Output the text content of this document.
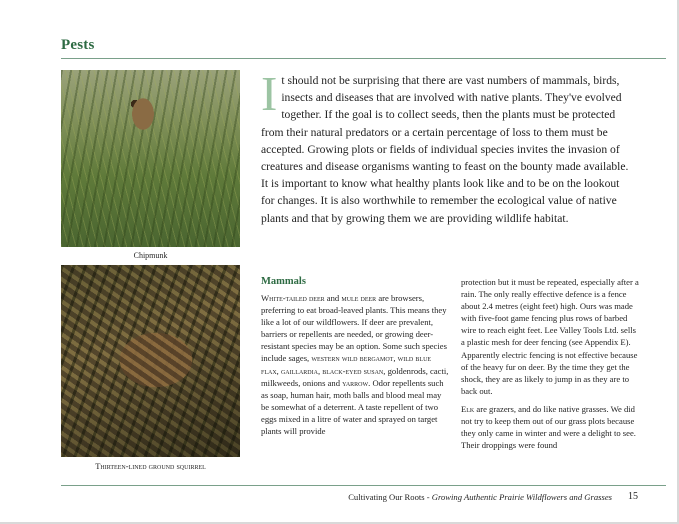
Pests
Chipmunk
Thirteen-lined ground squirrel

It should not be surprising that there are vast numbers of mammals, birds, insects and diseases that are involved with native plants. They've evolved together. If the goal is to collect seeds, then the plants must be protected from their natural predators or a certain percentage of loss to them must be accepted. Growing plots or fields of individual species invites the invasion of creatures and disease organisms wanting to feast on the bounty made available. It is important to know what healthy plants look like and to be on the lookout for changes. It is also worthwhile to remember the ecological value of native plants and that by growing them we are providing wildlife habitat.

Mammals

White-tailed deer and mule deer are browsers, preferring to eat broad-leaved plants. This means they like a lot of our wildflowers. If deer are prevalent, barriers or repellents are needed, or growing deer-resistant species may be an option. Some such species include sages, western wild bergamot, wild blue flax, gaillardia, black-eyed susan, goldenrods, cacti, milkweeds, onions and yarrow. Odor repellents such as soap, human hair, moth balls and blood meal may be somewhat of a deterrent. A taste repellent of two eggs mixed in a litre of water and sprayed on target plants will provide

protection but it must be repeated, especially after a rain. The only really effective defence is a fence about 2.4 metres (eight feet) high. Ours was made with five-foot game fencing plus rows of barbed wire to reach eight feet. Lee Valley Tools Ltd. sells a plastic mesh for deer fencing (see Appendix E). Apparently electric fencing is not effective because of the heavy fur on deer. By the time they get the shock, they are as likely to jump in as they are to back out.

Elk are grazers, and do like native grasses. We did not try to keep them out of our grass plots because they only came in winter and were a delight to see. Their droppings were found

Cultivating Our Roots - Growing Authentic Prairie Wildflowers and Grasses 15
